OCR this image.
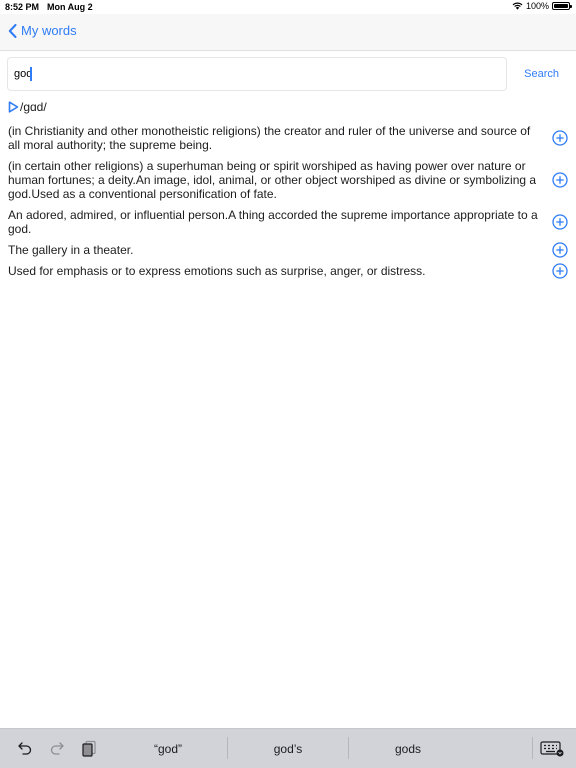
8:52 PM Mon Aug 2	100%
My words
god
Search
/ɡɑd/
(in Christianity and other monotheistic religions) the creator and ruler of the universe and source of all moral authority; the supreme being.
(in certain other religions) a superhuman being or spirit worshiped as having power over nature or human fortunes; a deity.An image, idol, animal, or other object worshiped as divine or symbolizing a god.Used as a conventional personification of fate.
An adored, admired, or influential person.A thing accorded the supreme importance appropriate to a god.
The gallery in a theater.
Used for emphasis or to express emotions such as surprise, anger, or distress.
“god”	god’s	gods
